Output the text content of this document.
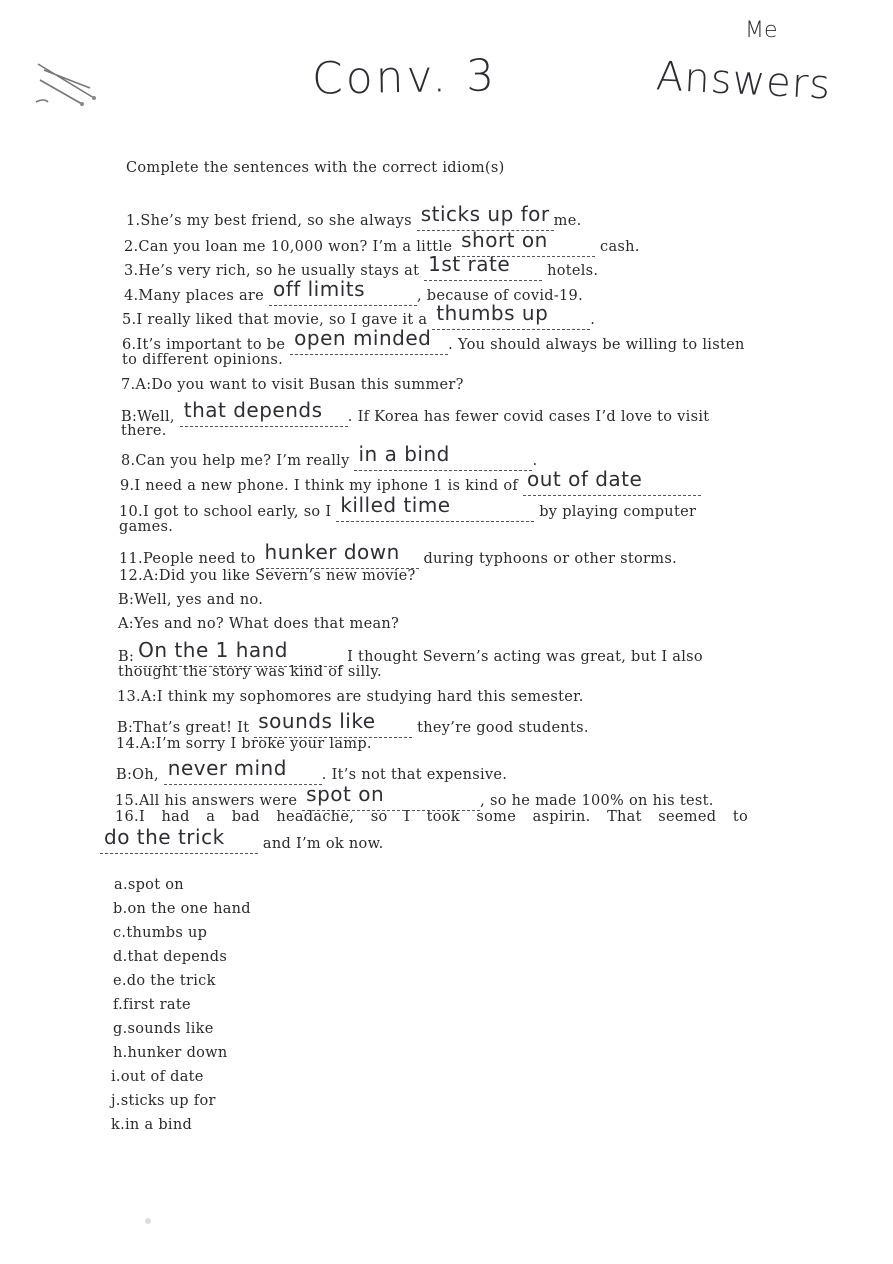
Conv. 3
Me
Answers
Complete the sentences with the correct idiom(s)
1.She’s my best friend, so she always sticks up for me.
2.Can you loan me 10,000 won? I’m a little short on	cash.
3.He’s very rich, so he usually stays at 1st rate hotels.
4.Many places are off limits	, because of covid-19.
5.I really liked that movie, so I gave it a thumbs up	.
6.It’s important to be open minded . You should always be willing to listen
to different opinions.
7.A:Do you want to visit Busan this summer?
B:Well, that depends . If Korea has fewer covid cases I’d love to visit
there.
8.Can you help me? I’m really in a bind	.
9.I need a new phone. I think my iphone 1 is kind of out of date
10.I got to school early, so I killed time	by playing computer
games.
11.People need to hunker down during typhoons or other storms.
12.A:Did you like Severn’s new movie?
B:Well, yes and no.
A:Yes and no? What does that mean?
B: On the 1 hand	I thought Severn’s acting was great, but I also
thought the story was kind of silly.
13.A:I think my sophomores are studying hard this semester.
B:That’s great! It sounds like	they’re good students.
14.A:I’m sorry I broke your lamp.
B:Oh, never mind . It’s not that expensive.
15.All his answers were spot on	, so he made 100% on his test.
16.I had a bad headache, so I took some aspirin. That seemed to
do the trick and I’m ok now.
a.spot on
b.on the one hand
c.thumbs up
d.that depends
e.do the trick
f.first rate
g.sounds like
h.hunker down
i.out of date
j.sticks up for
k.in a bind
